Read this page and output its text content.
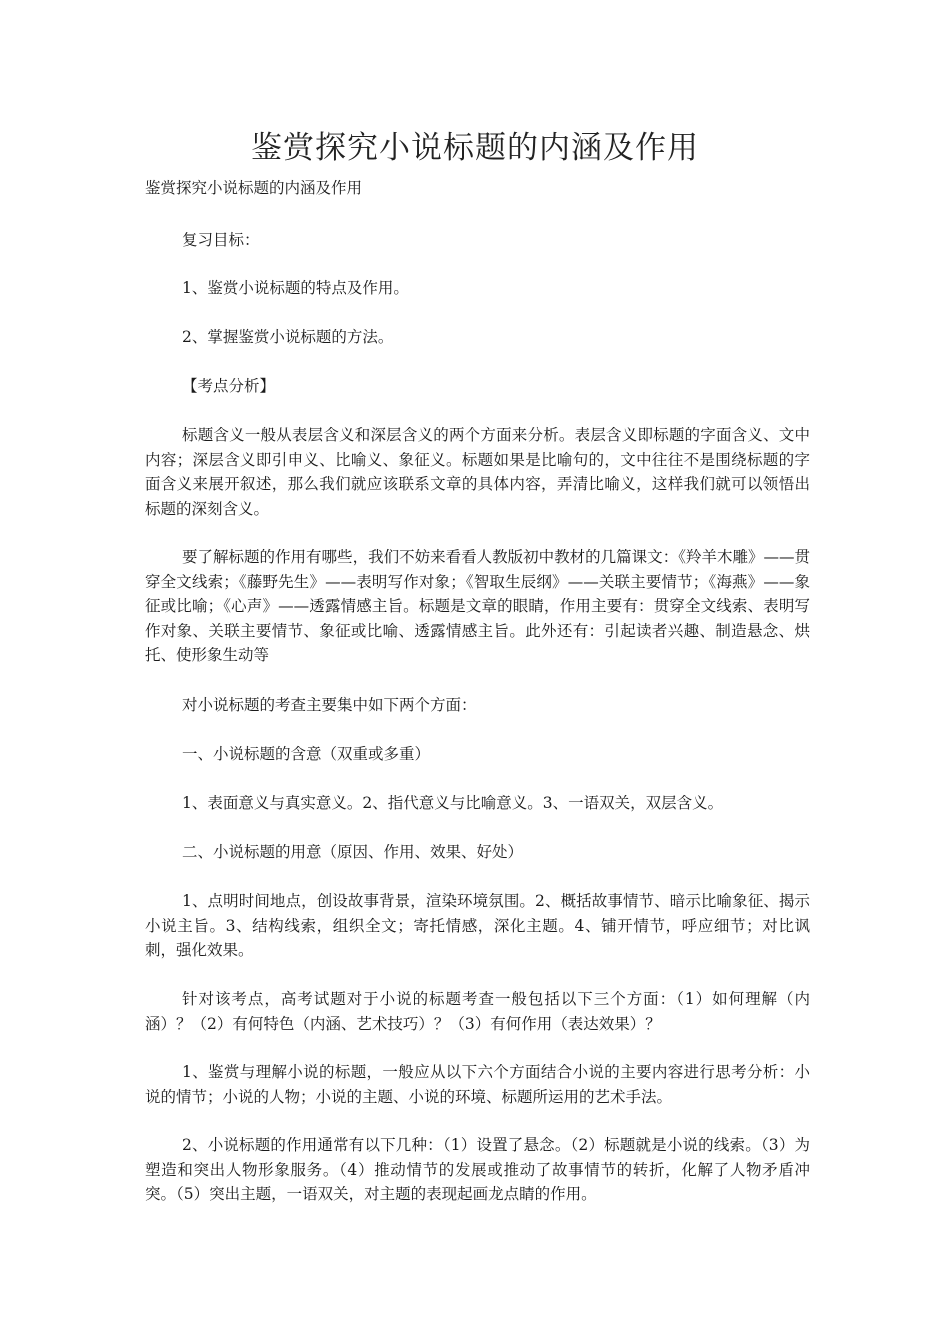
鉴赏探究小说标题的内涵及作用
鉴赏探究小说标题的内涵及作用

复习目标：

1、鉴赏小说标题的特点及作用。

2、掌握鉴赏小说标题的方法。

【考点分析】

标题含义一般从表层含义和深层含义的两个方面来分析。表层含义即标题的字面含义、文中内容；深层含义即引申义、比喻义、象征义。标题如果是比喻句的，文中往往不是围绕标题的字面含义来展开叙述，那么我们就应该联系文章的具体内容，弄清比喻义，这样我们就可以领悟出标题的深刻含义。

要了解标题的作用有哪些，我们不妨来看看人教版初中教材的几篇课文：《羚羊木雕》——贯穿全文线索；《藤野先生》——表明写作对象；《智取生辰纲》——关联主要情节；《海燕》——象征或比喻；《心声》——透露情感主旨。标题是文章的眼睛，作用主要有：贯穿全文线索、表明写作对象、关联主要情节、象征或比喻、透露情感主旨。此外还有：引起读者兴趣、制造悬念、烘托、使形象生动等

对小说标题的考查主要集中如下两个方面：

一、小说标题的含意（双重或多重）

1、表面意义与真实意义。2、指代意义与比喻意义。3、一语双关，双层含义。

二、小说标题的用意（原因、作用、效果、好处）

1、点明时间地点，创设故事背景，渲染环境氛围。2、概括故事情节、暗示比喻象征、揭示小说主旨。3、结构线索，组织全文；寄托情感，深化主题。4、铺开情节，呼应细节；对比讽刺，强化效果。

针对该考点，高考试题对于小说的标题考查一般包括以下三个方面：（1）如何理解（内涵）？（2）有何特色（内涵、艺术技巧）？（3）有何作用（表达效果）？

1、鉴赏与理解小说的标题，一般应从以下六个方面结合小说的主要内容进行思考分析：小说的情节；小说的人物；小说的主题、小说的环境、标题所运用的艺术手法。

2、小说标题的作用通常有以下几种：（1）设置了悬念。（2）标题就是小说的线索。（3）为塑造和突出人物形象服务。（4）推动情节的发展或推动了故事情节的转折，化解了人物矛盾冲突。（5）突出主题，一语双关，对主题的表现起画龙点睛的作用。
